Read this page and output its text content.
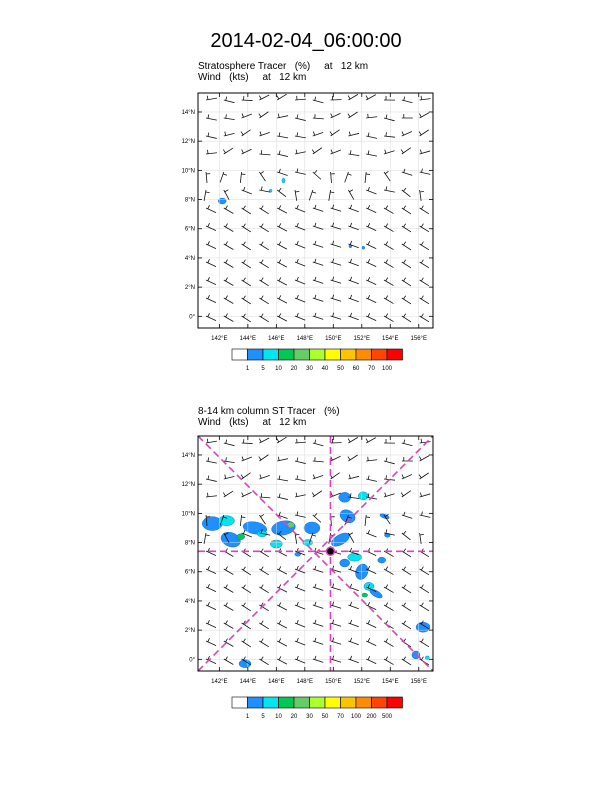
2014-02-04_06:00:00
Stratosphere Tracer   (%)     at   12 km
Wind   (kts)     at   12 km
8-14 km column ST Tracer   (%)
Wind   (kts)     at   12 km
142°E 144°E 146°E 148°E 150°E 152°E 154°E 156°E
0°
2°N
4°N
6°N
8°N
10°N
12°N
14°N
1 5 10 20 30 40 50 60 70 100
142°E 144°E 146°E 148°E 150°E 152°E 154°E 156°E
0°
2°N
4°N
6°N
8°N
10°N
12°N
14°N
1 5 10 20 30 50 70 100 200 500
